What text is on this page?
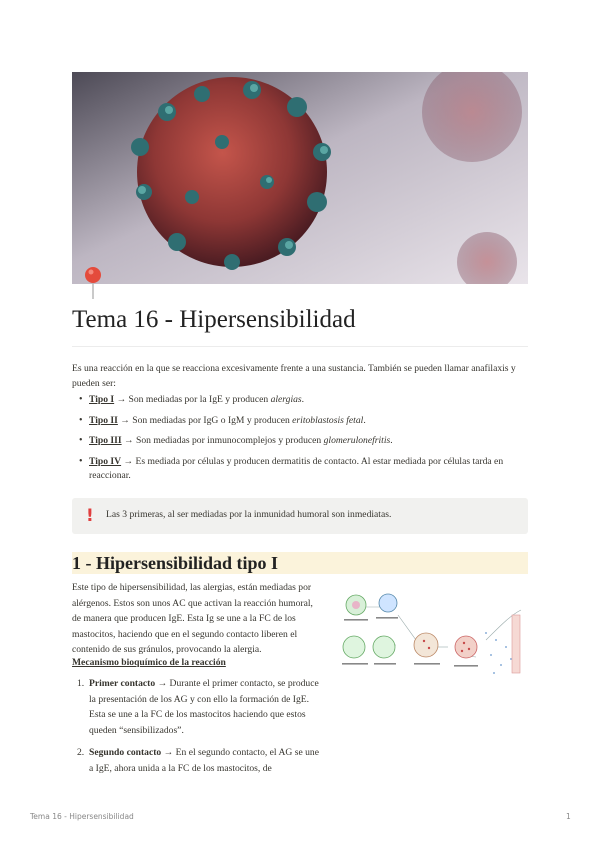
Tema 16 - Hipersensibilidad
Es una reacción en la que se reacciona excesivamente frente a una sustancia. También se pueden llamar anafilaxis y pueden ser:
• Tipo I → Son mediadas por la IgE y producen alergias.
• Tipo II → Son mediadas por IgG o IgM y producen eritoblastosis fetal.
• Tipo III → Son mediadas por inmunocomplejos y producen glomerulonefritis.
• Tipo IV → Es mediada por células y producen dermatitis de contacto. Al estar mediada por células tarda en reaccionar.
! Las 3 primeras, al ser mediadas por la inmunidad humoral son inmediatas.
1 - Hipersensibilidad tipo I
Este tipo de hipersensibilidad, las alergias, están mediadas por alérgenos. Estos son unos AC que activan la reacción humoral, de manera que producen IgE. Esta Ig se une a la FC de los mastocitos, haciendo que en el segundo contacto liberen el contenido de sus gránulos, provocando la alergia.
Mecanismo bioquímico de la reacción
1. Primer contacto → Durante el primer contacto, se produce la presentación de los AG y con ello la formación de IgE. Esta se une a la FC de los mastocitos haciendo que estos queden “sensibilizados”.
2. Segundo contacto → En el segundo contacto, el AG se une a IgE, ahora unida a la FC de los mastocitos, de
Tema 16 - Hipersensibilidad	1
